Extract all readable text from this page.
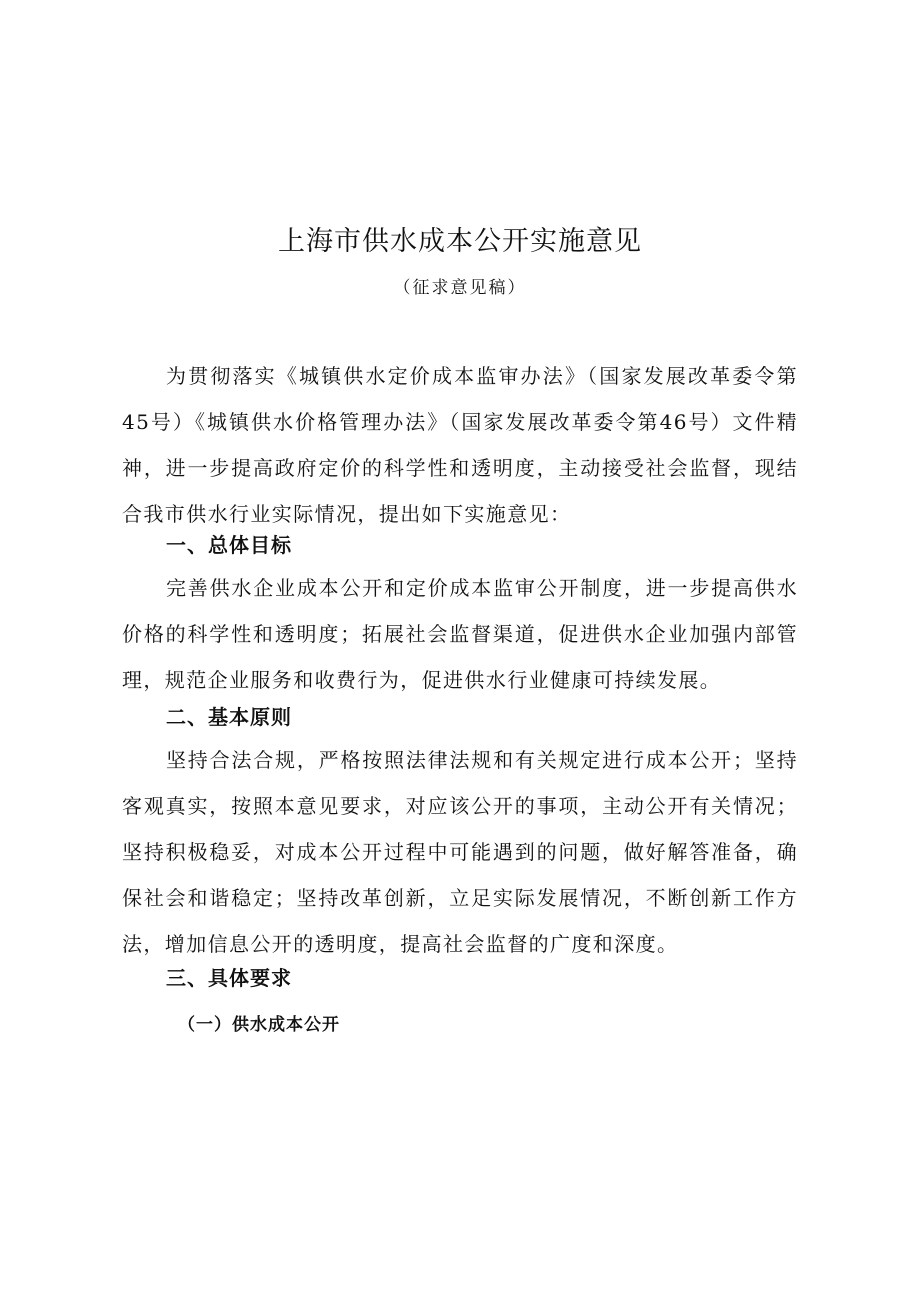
上海市供水成本公开实施意见

（征求意见稿）

为贯彻落实《城镇供水定价成本监审办法》（国家发展改革委令第45号）《城镇供水价格管理办法》（国家发展改革委令第46号）文件精神，进一步提高政府定价的科学性和透明度，主动接受社会监督，现结合我市供水行业实际情况，提出如下实施意见：

一、总体目标

完善供水企业成本公开和定价成本监审公开制度，进一步提高供水价格的科学性和透明度；拓展社会监督渠道，促进供水企业加强内部管理，规范企业服务和收费行为，促进供水行业健康可持续发展。

二、基本原则

坚持合法合规，严格按照法律法规和有关规定进行成本公开；坚持客观真实，按照本意见要求，对应该公开的事项，主动公开有关情况；坚持积极稳妥，对成本公开过程中可能遇到的问题，做好解答准备，确保社会和谐稳定；坚持改革创新，立足实际发展情况，不断创新工作方法，增加信息公开的透明度，提高社会监督的广度和深度。

三、具体要求
（一）供水成本公开
